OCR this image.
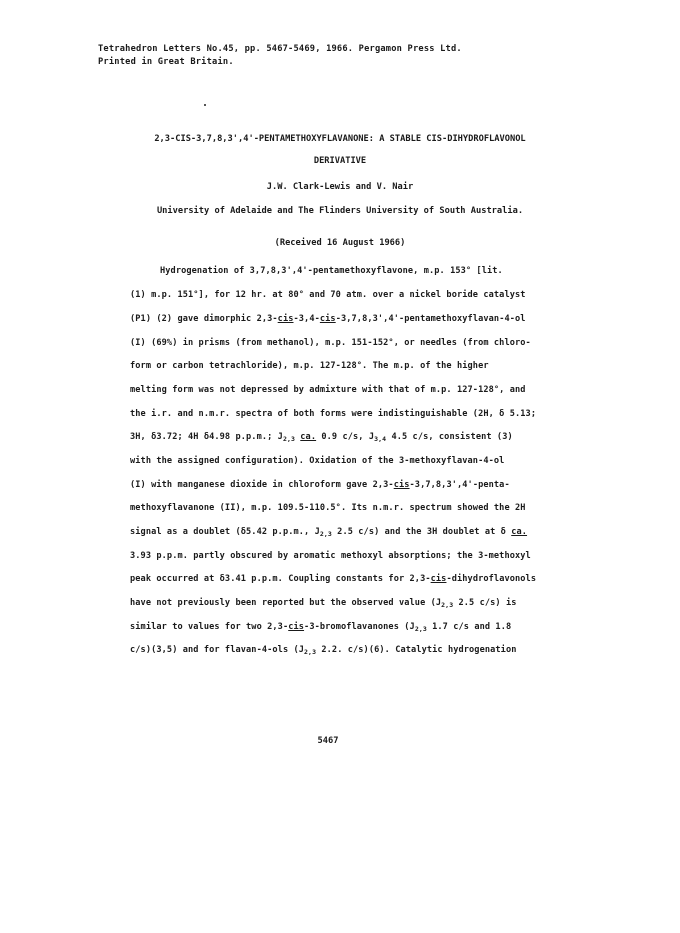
Tetrahedron Letters No.45, pp. 5467-5469, 1966. Pergamon Press Ltd.
Printed in Great Britain.
2,3-CIS-3,7,8,3',4'-PENTAMETHOXYFLAVANONE: A STABLE CIS-DIHYDROFLAVONOL
DERIVATIVE
J.W. Clark-Lewis and V. Nair
University of Adelaide and The Flinders University of South Australia.
(Received 16 August 1966)
Hydrogenation of 3,7,8,3',4'-pentamethoxyflavone, m.p. 153° [lit.
(1) m.p. 151°], for 12 hr. at 80° and 70 atm. over a nickel boride catalyst
(P1) (2) gave dimorphic 2,3-cis-3,4-cis-3,7,8,3',4'-pentamethoxyflavan-4-ol
(I) (69%) in prisms (from methanol), m.p. 151-152°, or needles (from chloro-
form or carbon tetrachloride), m.p. 127-128°. The m.p. of the higher
melting form was not depressed by admixture with that of m.p. 127-128°, and
the i.r. and n.m.r. spectra of both forms were indistinguishable (2H, δ 5.13;
3H, δ3.72; 4H δ4.98 p.p.m.; $J_{2,3}$ ca. 0.9 c/s, $J_{3,4}$ 4.5 c/s, consistent (3)
with the assigned configuration). Oxidation of the 3-methoxyflavan-4-ol
(I) with manganese dioxide in chloroform gave 2,3-cis-3,7,8,3',4'-penta-
methoxyflavanone (II), m.p. 109.5-110.5°. Its n.m.r. spectrum showed the 2H
signal as a doublet (δ5.42 p.p.m., $J_{2,3}$ 2.5 c/s) and the 3H doublet at δ ca.
3.93 p.p.m. partly obscured by aromatic methoxyl absorptions; the 3-methoxyl
peak occurred at δ3.41 p.p.m. Coupling constants for 2,3-cis-dihydroflavonols
have not previously been reported but the observed value ($J_{2,3}$ 2.5 c/s) is
similar to values for two 2,3-cis-3-bromoflavanones ($J_{2,3}$ 1.7 c/s and 1.8
c/s)(3,5) and for flavan-4-ols ($J_{2,3}$ 2.2. c/s)(6). Catalytic hydrogenation
5467
